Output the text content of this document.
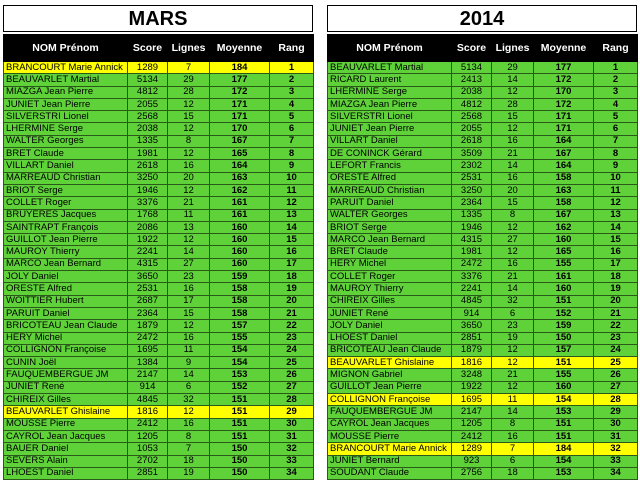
MARS
NOM Prénom	Score	Lignes	Moyenne	Rang
BRANCOURT Marie Annick	1289	7	184	1
BEAUVARLET Martial	5134	29	177	2
MIAZGA Jean Pierre	4812	28	172	3
JUNIET Jean Pierre	2055	12	171	4
SILVERSTRI Lionel	2568	15	171	5
LHERMINE Serge	2038	12	170	6
WALTER Georges	1335	8	167	7
BRET Claude	1981	12	165	8
VILLART Daniel	2618	16	164	9
MARREAUD Christian	3250	20	163	10
BRIOT Serge	1946	12	162	11
COLLET Roger	3376	21	161	12
BRUYERES Jacques	1768	11	161	13
SAINTRAPT François	2086	13	160	14
GUILLOT Jean Pierre	1922	12	160	15
MAUROY Thierry	2241	14	160	16
MARCO Jean Bernard	4315	27	160	17
JOLY Daniel	3650	23	159	18
ORESTE Alfred	2531	16	158	19
WOITTIER Hubert	2687	17	158	20
PARUIT Daniel	2364	15	158	21
BRICOTEAU Jean Claude	1879	12	157	22
HERY Michel	2472	16	155	23
COLLIGNON Françoise	1695	11	154	24
CUNIN Joël	1384	9	154	25
FAUQUEMBERGUE JM	2147	14	153	26
JUNIET René	914	6	152	27
CHIREIX Gilles	4845	32	151	28
BEAUVARLET Ghislaine	1816	12	151	29
MOUSSE Pierre	2412	16	151	30
CAYROL Jean Jacques	1205	8	151	31
BAUER Daniel	1053	7	150	32
SEVERS Alain	2702	18	150	33
LHOEST Daniel	2851	19	150	34
2014
NOM Prénom	Score	Lignes	Moyenne	Rang
BEAUVARLET Martial	5134	29	177	1
RICARD Laurent	2413	14	172	2
LHERMINE Serge	2038	12	170	3
MIAZGA Jean Pierre	4812	28	172	4
SILVERSTRI Lionel	2568	15	171	5
JUNIET Jean Pierre	2055	12	171	6
VILLART Daniel	2618	16	164	7
DE CONINCK Gérard	3509	21	167	8
LEFORT Francis	2302	14	164	9
ORESTE Alfred	2531	16	158	10
MARREAUD Christian	3250	20	163	11
PARUIT Daniel	2364	15	158	12
WALTER Georges	1335	8	167	13
BRIOT Serge	1946	12	162	14
MARCO Jean Bernard	4315	27	160	15
BRET Claude	1981	12	165	16
HERY Michel	2472	16	155	17
COLLET Roger	3376	21	161	18
MAUROY Thierry	2241	14	160	19
CHIREIX Gilles	4845	32	151	20
JUNIET René	914	6	152	21
JOLY Daniel	3650	23	159	22
LHOEST Daniel	2851	19	150	23
BRICOTEAU Jean Claude	1879	12	157	24
BEAUVARLET Ghislaine	1816	12	151	25
MIGNON Gabriel	3248	21	155	26
GUILLOT Jean Pierre	1922	12	160	27
COLLIGNON Françoise	1695	11	154	28
FAUQUEMBERGUE JM	2147	14	153	29
CAYROL Jean Jacques	1205	8	151	30
MOUSSE Pierre	2412	16	151	31
BRANCOURT Marie Annick	1289	7	184	32
JUNIET Bernard	923	6	154	33
SOUDANT Claude	2756	18	153	34
